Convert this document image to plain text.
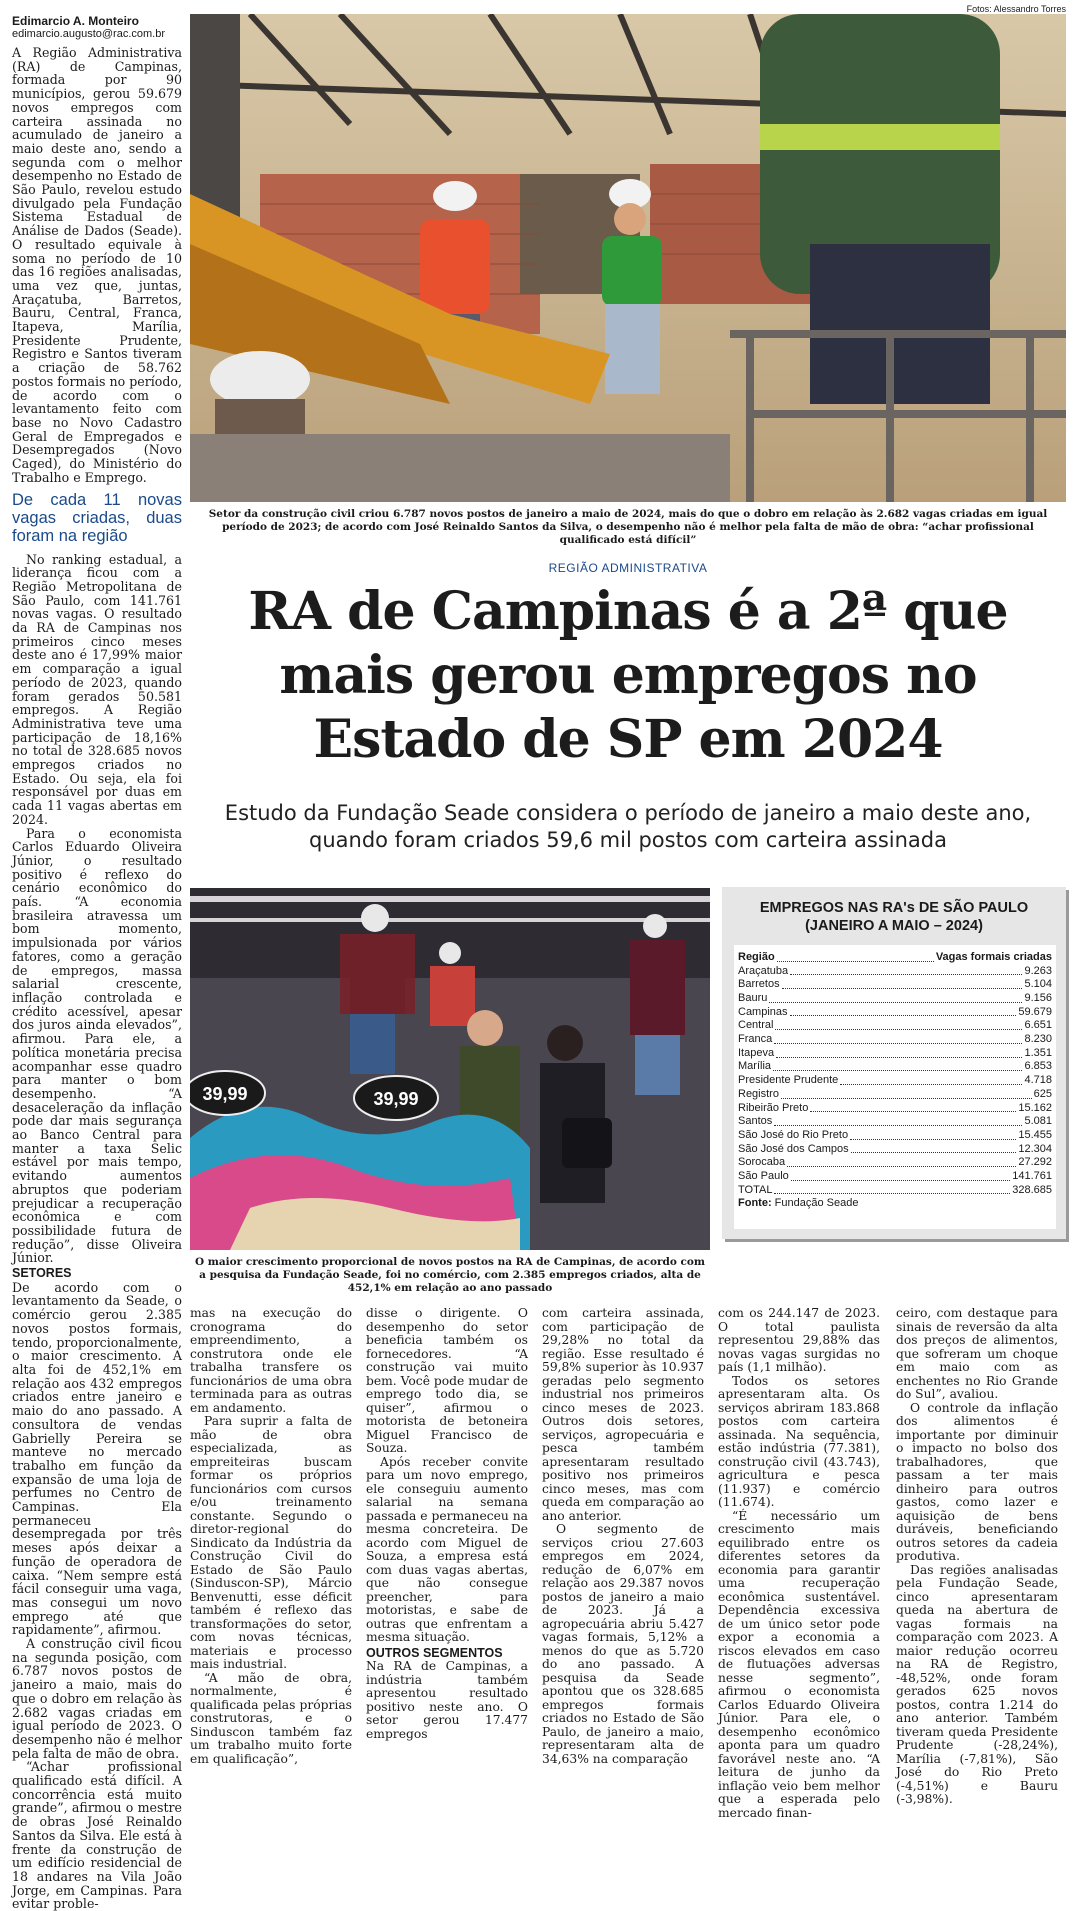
Edimarcio A. Monteiro
edimarcio.augusto@rac.com.br

A Região Administrativa (RA) de Campinas, formada por 90 municípios, gerou 59.679 novos empregos com carteira assinada no acumulado de janeiro a maio deste ano, sendo a segunda com o melhor desempenho no Estado de São Paulo, revelou estudo divulgado pela Fundação Sistema Estadual de Análise de Dados (Seade). O resultado equivale à soma no período de 10 das 16 regiões analisadas, uma vez que, juntas, Araçatuba, Barretos, Bauru, Central, Franca, Itapeva, Marília, Presidente Prudente, Registro e Santos tiveram a criação de 58.762 postos formais no período, de acordo com o levantamento feito com base no Novo Cadastro Geral de Empregados e Desempregados (Novo Caged), do Ministério do Trabalho e Emprego.

De cada 11 novas vagas criadas, duas foram na região

No ranking estadual, a liderança ficou com a Região Metropolitana de São Paulo, com 141.761 novas vagas. O resultado da RA de Campinas nos primeiros cinco meses deste ano é 17,99% maior em comparação a igual período de 2023, quando foram gerados 50.581 empregos. A Região Administrativa teve uma participação de 18,16% no total de 328.685 novos empregos criados no Estado. Ou seja, ela foi responsável por duas em cada 11 vagas abertas em 2024.

Para o economista Carlos Eduardo Oliveira Júnior, o resultado positivo é reflexo do cenário econômico do país. “A economia brasileira atravessa um bom momento, impulsionada por vários fatores, como a geração de empregos, massa salarial crescente, inflação controlada e crédito acessível, apesar dos juros ainda elevados”, afirmou. Para ele, a política monetária precisa acompanhar esse quadro para manter o bom desempenho. “A desaceleração da inflação pode dar mais segurança ao Banco Central para manter a taxa Selic estável por mais tempo, evitando aumentos abruptos que poderiam prejudicar a recuperação econômica e com possibilidade futura de redução”, disse Oliveira Júnior.

SETORES

De acordo com o levantamento da Seade, o comércio gerou 2.385 novos postos formais, tendo, proporcionalmente, o maior crescimento. A alta foi de 452,1% em relação aos 432 empregos criados entre janeiro e maio do ano passado. A consultora de vendas Gabrielly Pereira se manteve no mercado trabalho em função da expansão de uma loja de perfumes no Centro de Campinas. Ela permaneceu desempregada por três meses após deixar a função de operadora de caixa. “Nem sempre está fácil conseguir uma vaga, mas consegui um novo emprego até que rapidamente”, afirmou.

A construção civil ficou na segunda posição, com 6.787 novos postos de janeiro a maio, mais do que o dobro em relação às 2.682 vagas criadas em igual período de 2023. O desempenho não é melhor pela falta de mão de obra.

“Achar profissional qualificado está difícil. A concorrência está muito grande”, afirmou o mestre de obras José Reinaldo Santos da Silva. Ele está à frente da construção de um edifício residencial de 18 andares na Vila João Jorge, em Campinas. Para evitar proble-

Fotos: Alessandro Torres
Setor da construção civil criou 6.787 novos postos de janeiro a maio de 2024, mais do que o dobro em relação às 2.682 vagas criadas em igual período de 2023; de acordo com José Reinaldo Santos da Silva, o desempenho não é melhor pela falta de mão de obra: “achar profissional qualificado está difícil”
REGIÃO ADMINISTRATIVA
RA de Campinas é a 2ª que mais gerou empregos no Estado de SP em 2024
Estudo da Fundação Seade considera o período de janeiro a maio deste ano, quando foram criados 59,6 mil postos com carteira assinada
39,99	39,99
O maior crescimento proporcional de novos postos na RA de Campinas, de acordo com a pesquisa da Fundação Seade, foi no comércio, com 2.385 empregos criados, alta de 452,1% em relação ao ano passado
EMPREGOS NAS RA's DE SÃO PAULO
(JANEIRO A MAIO – 2024)
Região	Vagas formais criadas
Araçatuba	9.263
Barretos	5.104
Bauru	9.156
Campinas	59.679
Central	6.651
Franca	8.230
Itapeva	1.351
Marília	6.853
Presidente Prudente	4.718
Registro	625
Ribeirão Preto	15.162
Santos	5.081
São José do Rio Preto	15.455
São José dos Campos	12.304
Sorocaba	27.292
São Paulo	141.761
TOTAL	328.685
Fonte:
Fundação Seade

mas na execução do cronograma do empreendimento, a construtora onde ele trabalha transfere os funcionários de uma obra terminada para as outras em andamento.

Para suprir a falta de mão de obra especializada, as empreiteiras buscam formar os próprios funcionários com cursos e/ou treinamento constante. Segundo o diretor-regional do Sindicato da Indústria da Construção Civil do Estado de São Paulo (Sinduscon-SP), Márcio Benvenutti, esse déficit também é reflexo das transformações do setor, com novas técnicas, materiais e processo mais industrial.

“A mão de obra, normalmente, é qualificada pelas próprias construtoras, e o Sinduscon também faz um trabalho muito forte em qualificação”,

disse o dirigente. O desempenho do setor beneficia também os fornecedores. “A construção vai muito bem. Você pode mudar de emprego todo dia, se quiser”, afirmou o motorista de betoneira Miguel Francisco de Souza.

Após receber convite para um novo emprego, ele conseguiu aumento salarial na semana passada e permaneceu na mesma concreteira. De acordo com Miguel de Souza, a empresa está com duas vagas abertas, que não consegue preencher, para motoristas, e sabe de outras que enfrentam a mesma situação.

OUTROS SEGMENTOS

Na RA de Campinas, a indústria também apresentou resultado positivo neste ano. O setor gerou 17.477 empregos

com carteira assinada, com participação de 29,28% no total da região. Esse resultado é 59,8% superior às 10.937 geradas pelo segmento industrial nos primeiros cinco meses de 2023. Outros dois setores, serviços, agropecuária e pesca também apresentaram resultado positivo nos primeiros cinco meses, mas com queda em comparação ao ano anterior.

O segmento de serviços criou 27.603 empregos em 2024, redução de 6,07% em relação aos 29.387 novos postos de janeiro a maio de 2023. Já a agropecuária abriu 5.427 vagas formais, 5,12% a menos do que as 5.720 do ano passado. A pesquisa da Seade apontou que os 328.685 empregos formais criados no Estado de São Paulo, de janeiro a maio, representaram alta de 34,63% na comparação

com os 244.147 de 2023. O total paulista representou 29,88% das novas vagas surgidas no país (1,1 milhão).

Todos os setores apresentaram alta. Os serviços abriram 183.868 postos com carteira assinada. Na sequência, estão indústria (77.381), construção civil (43.743), agricultura e pesca (11.937) e comércio (11.674).

“É necessário um crescimento mais equilibrado entre os diferentes setores da economia para garantir uma recuperação econômica sustentável. Dependência excessiva de um único setor pode expor a economia a riscos elevados em caso de flutuações adversas nesse segmento”, afirmou o economista Carlos Eduardo Oliveira Júnior. Para ele, o desempenho econômico aponta para um quadro favorável neste ano. “A leitura de junho da inflação veio bem melhor que a esperada pelo mercado finan-

ceiro, com destaque para sinais de reversão da alta dos preços de alimentos, que sofreram um choque em maio com as enchentes no Rio Grande do Sul”, avaliou.

O controle da inflação dos alimentos é importante por diminuir o impacto no bolso dos trabalhadores, que passam a ter mais dinheiro para outros gastos, como lazer e aquisição de bens duráveis, beneficiando outros setores da cadeia produtiva.

Das regiões analisadas pela Fundação Seade, cinco apresentaram queda na abertura de vagas formais na comparação com 2023. A maior redução ocorreu na RA de Registro, -48,52%, onde foram gerados 625 novos postos, contra 1.214 do ano anterior. Também tiveram queda Presidente Prudente (-28,24%), Marília (-7,81%), São José do Rio Preto (-4,51%) e Bauru (-3,98%).
